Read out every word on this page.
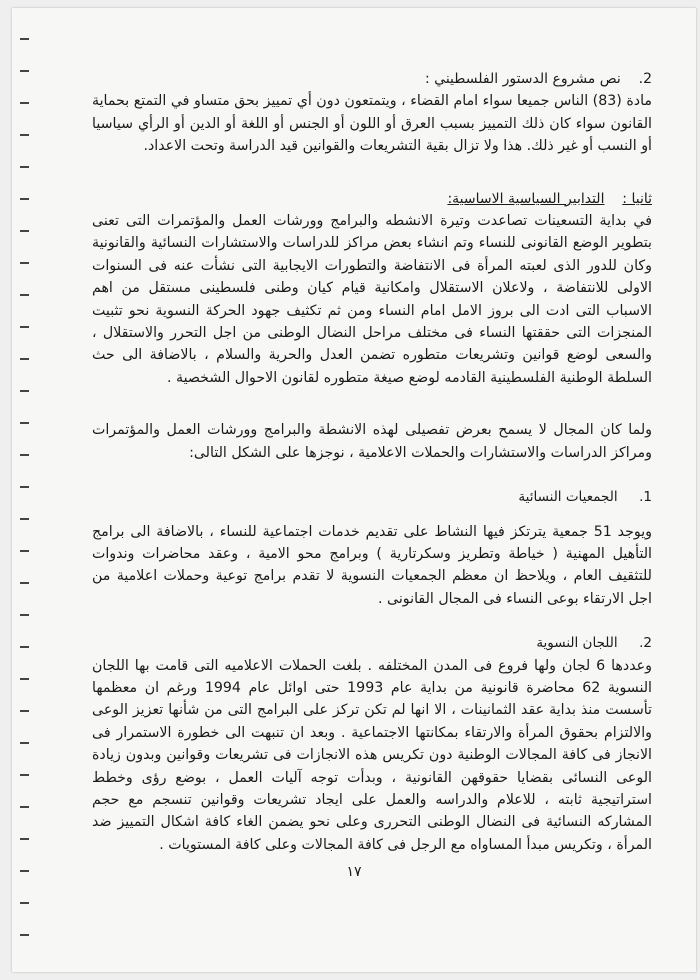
2.    نص مشروع الدستور الفلسطيني :

مادة (83) الناس جميعا سواء امام القضاء ، ويتمتعون دون أي تمييز بحق متساو في التمتع بحماية القانون سواء كان ذلك التمييز بسبب العرق أو اللون أو الجنس أو اللغة أو الدين أو الرأي سياسيا أو النسب أو غير ذلك. هذا ولا تزال بقية التشريعات والقوانين قيد الدراسة وتحت الاعداد.

ثانيا :    التدابير السياسية الاساسية:

في بداية التسعينات تصاعدت وتيرة الانشطه والبرامج وورشات العمل والمؤتمرات التى تعنى بتطوير الوضع القانونى للنساء وتم انشاء بعض مراكز للدراسات والاستشارات النسائية والقانونية وكان للدور الذى لعبته المرأة فى الانتفاضة والتطورات الايجابية التى نشأت عنه فى السنوات الاولى للانتفاضة ، ولاعلان الاستقلال وامكانية قيام كيان وطنى فلسطينى مستقل من اهم الاسباب التى ادت الى بروز الامل امام النساء ومن ثم تكثيف جهود الحركة النسوية نحو تثبيت المنجزات التى حققتها النساء فى مختلف مراحل النضال الوطنى من اجل التحرر والاستقلال ، والسعى لوضع قوانين وتشريعات متطوره تضمن العدل والحرية والسلام ، بالاضافة الى حث السلطة الوطنية الفلسطينية القادمه لوضع صيغة متطوره لقانون الاحوال الشخصية .

ولما كان المجال لا يسمح بعرض تفصيلى لهذه الانشطة والبرامج وورشات العمل والمؤتمرات ومراكز الدراسات والاستشارات والحملات الاعلامية ، نوجزها على الشكل التالى:

1.     الجمعيات النسائية

ويوجد 51 جمعية يترتكز فيها النشاط على تقديم خدمات اجتماعية للنساء ، بالاضافة الى برامج التأهيل المهنية ( خياطة وتطريز وسكرتارية ) وبرامج محو الامية ، وعقد محاضرات وندوات للتثقيف العام ، ويلاحظ ان معظم الجمعيات النسوية لا تقدم برامج توعية وحملات اعلامية من اجل الارتقاء بوعى النساء فى المجال القانونى .

2.     اللجان النسوية

وعددها 6 لجان ولها فروع فى المدن المختلفه . بلغت الحملات الاعلاميه التى قامت بها اللجان النسوية 62 محاضرة قانونية من بداية عام 1993 حتى اوائل عام 1994 ورغم ان معظمها تأسست منذ بداية عقد الثمانينات ، الا انها لم تكن تركز على البرامج التى من شأنها تعزيز الوعى والالتزام بحقوق المرأة والارتقاء بمكانتها الاجتماعية . وبعد ان تنبهت الى خطورة الاستمرار فى الانجاز فى كافة المجالات الوطنية دون تكريس هذه الانجازات فى تشريعات وقوانين وبدون زيادة الوعى النسائى بقضايا حقوقهن القانونية ، وبدأت توجه آليات العمل ، بوضع رؤى وخطط استراتيجية ثابته ، للاعلام والدراسه والعمل على ايجاد تشريعات وقوانين تنسجم مع حجم المشاركه النسائية فى النضال الوطنى التحررى وعلى نحو يضمن الغاء كافة اشكال التمييز ضد المرأة ، وتكريس مبدأ المساواه مع الرجل فى كافة المجالات وعلى كافة المستويات .

١٧
